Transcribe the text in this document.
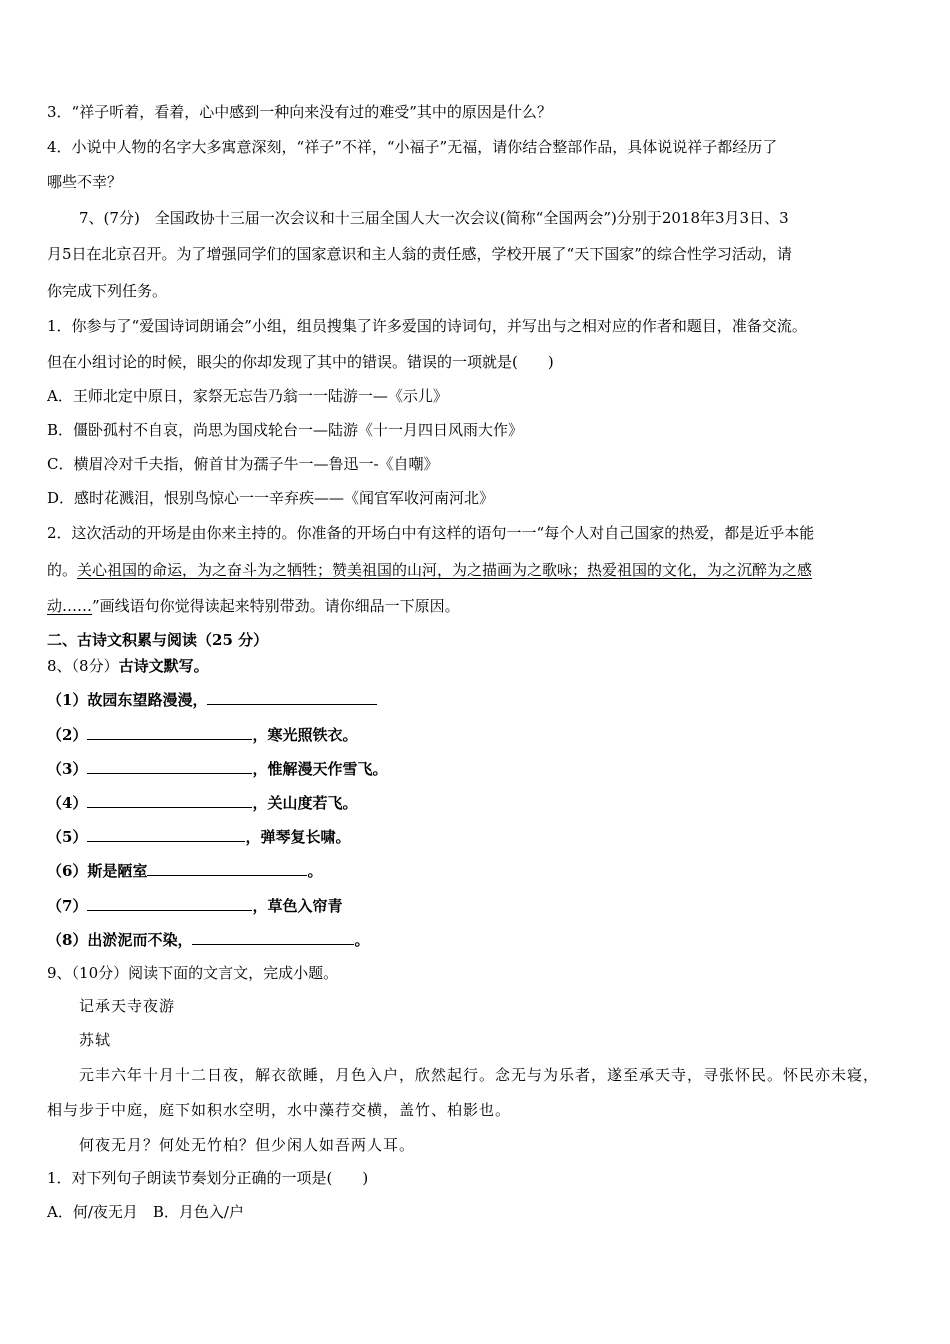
3．“祥子听着，看着，心中感到一种向来没有过的难受”其中的原因是什么？
4．小说中人物的名字大多寓意深刻，“祥子”不祥，“小福子”无福，请你结合整部作品，具体说说祥子都经历了
哪些不幸？
7、(7分)　全国政协十三届一次会议和十三届全国人大一次会议(简称“全国两会”)分别于2018年3月3日、3
月5日在北京召开。为了增强同学们的国家意识和主人翁的责任感，学校开展了“天下国家”的综合性学习活动，请
你完成下列任务。
1．你参与了“爱国诗词朗诵会”小组，组员搜集了许多爱国的诗词句，并写出与之相对应的作者和题目，准备交流。
但在小组讨论的时候，眼尖的你却发现了其中的错误。错误的一项就是(　　)
A．王师北定中原日，家祭无忘告乃翁一一陆游一—《示儿》
B．僵卧孤村不自哀，尚思为国戍轮台一—陆游《十一月四日风雨大作》
C．横眉冷对千夫指，俯首甘为孺子牛一—鲁迅一-《自嘲》
D．感时花溅泪，恨别鸟惊心一一辛弃疾——《闻官军收河南河北》
2．这次活动的开场是由你来主持的。你准备的开场白中有这样的语句一一“每个人对自己国家的热爱，都是近乎本能
的。关心祖国的命运，为之奋斗为之牺牲；赞美祖国的山河，为之描画为之歌咏；热爱祖国的文化，为之沉醉为之感
动……”画线语句你觉得读起来特别带劲。请你细品一下原因。
二、古诗文积累与阅读（25 分）
8、（8分）古诗文默写。
（1）故园东望路漫漫，
（2）	，寒光照铁衣。
（3）	，惟解漫天作雪飞。
（4）	，关山度若飞。
（5）	，弹琴复长啸。
（6）斯是陋室	。
（7）	，草色入帘青
（8）出淤泥而不染，	。
9、（10分）阅读下面的文言文，完成小题。
记承天寺夜游
苏轼
元丰六年十月十二日夜，解衣欲睡，月色入户，欣然起行。念无与为乐者，遂至承天寺，寻张怀民。怀民亦未寝，
相与步于中庭，庭下如积水空明，水中藻荇交横，盖竹、柏影也。
何夜无月？何处无竹柏？但少闲人如吾两人耳。
1．对下列句子朗读节奏划分正确的一项是(　　)
A．何/夜无月　B．月色入/户
